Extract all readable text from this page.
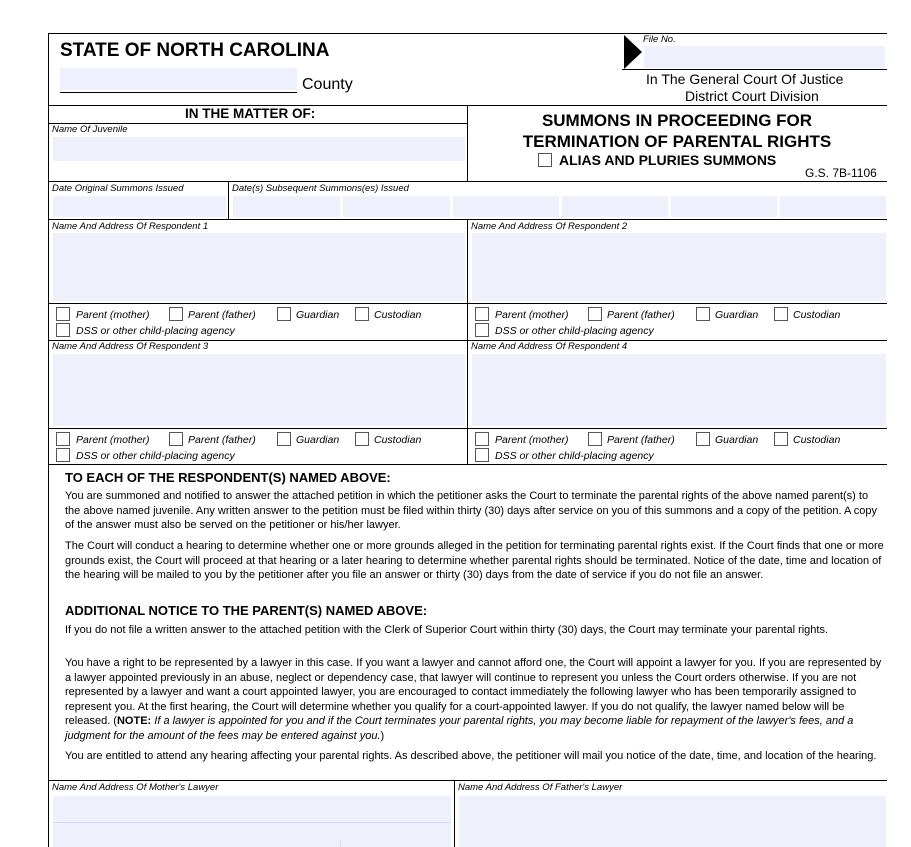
STATE OF NORTH CAROLINA
County
File No.
In The General Court Of Justice
District Court Division
IN THE MATTER OF:
Name Of Juvenile	SUMMONS IN PROCEEDING FOR
TERMINATION OF PARENTAL RIGHTS
ALIAS AND PLURIES SUMMONS
G.S. 7B-1106
Date Original Summons Issued	Date(s) Subsequent Summons(es) Issued
Name And Address Of Respondent 1	Name And Address Of Respondent 2
Parent (mother)	Parent (father)	Guardian	Custodian
DSS or other child-placing agency
Parent (mother)	Parent (father)	Guardian	Custodian
DSS or other child-placing agency
Name And Address Of Respondent 3	Name And Address Of Respondent 4
Parent (mother)	Parent (father)	Guardian	Custodian
DSS or other child-placing agency
Parent (mother)	Parent (father)	Guardian	Custodian
DSS or other child-placing agency
TO EACH OF THE RESPONDENT(S) NAMED ABOVE:
You are summoned and notified to answer the attached petition in which the petitioner asks the Court to terminate the parental rights of the above named parent(s) to the above named juvenile. Any written answer to the petition must be filed within thirty (30) days after service on you of this summons and a copy of the petition. A copy of the answer must also be served on the petitioner or his/her lawyer.
The Court will conduct a hearing to determine whether one or more grounds alleged in the petition for terminating parental rights exist. If the Court finds that one or more grounds exist, the Court will proceed at that hearing or a later hearing to determine whether parental rights should be terminated. Notice of the date, time and location of the hearing will be mailed to you by the petitioner after you file an answer or thirty (30) days from the date of service if you do not file an answer.
ADDITIONAL NOTICE TO THE PARENT(S) NAMED ABOVE:
If you do not file a written answer to the attached petition with the Clerk of Superior Court within thirty (30) days, the Court may terminate your parental rights.
You have a right to be represented by a lawyer in this case. If you want a lawyer and cannot afford one, the Court will appoint a lawyer for you. If you are represented by a lawyer appointed previously in an abuse, neglect or dependency case, that lawyer will continue to represent you unless the Court orders otherwise. If you are not represented by a lawyer and want a court appointed lawyer, you are encouraged to contact immediately the following lawyer who has been temporarily assigned to represent you. At the first hearing, the Court will determine whether you qualify for a court-appointed lawyer. If you do not qualify, the lawyer named below will be released. (NOTE: If a lawyer is appointed for you and if the Court terminates your parental rights, you may become liable for repayment of the lawyer's fees, and a judgment for the amount of the fees may be entered against you.)
You are entitled to attend any hearing affecting your parental rights. As described above, the petitioner will mail you notice of the date, time, and location of the hearing.
Name And Address Of Mother's Lawyer	Name And Address Of Father's Lawyer
